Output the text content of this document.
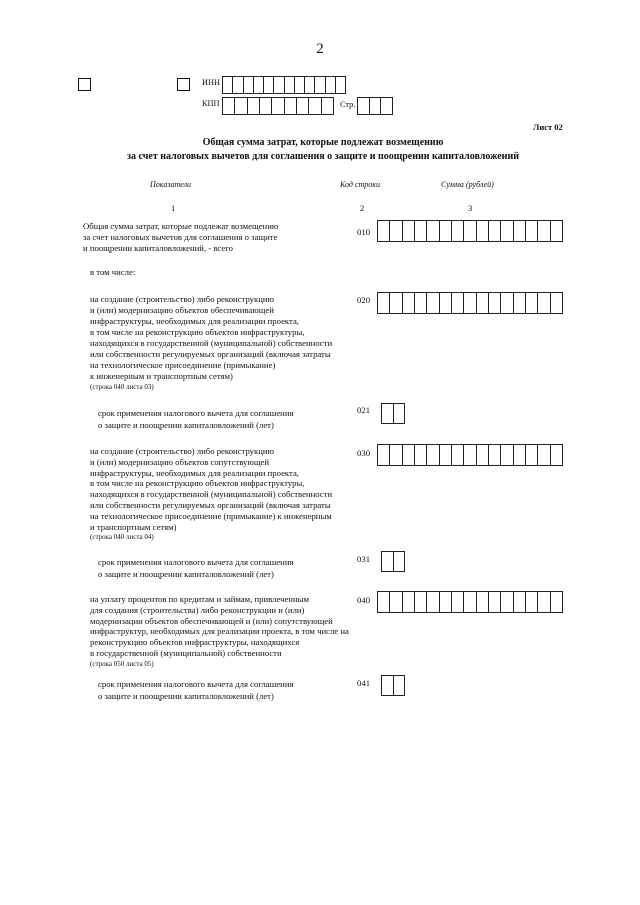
2
ИНН
КПП	Стр.
Лист 02
Общая сумма затрат, которые подлежат возмещению
за счет налоговых вычетов для соглашения о защите и поощрении капиталовложений
Показатели	Код строки	Сумма (рублей)
1	2	3
Общая сумма затрат, которые подлежат возмещению
за счет налоговых вычетов для соглашения о защите
и поощрении капиталовложений, - всего
010
в том числе:
на создание (строительство) либо реконструкцию
и (или) модернизацию объектов обеспечивающей
инфраструктуры, необходимых для реализации проекта,
в том числе на реконструкцию объектов инфраструктуры,
находящихся в государственной (муниципальной) собственности
или собственности регулируемых организаций (включая затраты
на технологическое присоединение (примыкание)
к инженерным и транспортным сетям)
(строка 040 листа 03)
020
срок применения налогового вычета для соглашения
о защите и поощрении капиталовложений (лет)
021
на создание (строительство) либо реконструкцию
и (или) модернизацию объектов сопутствующей
инфраструктуры, необходимых для реализации проекта,
в том числе на реконструкцию объектов инфраструктуры,
находящихся в государственной (муниципальной) собственности
или собственности регулируемых организаций (включая затраты
на технологическое присоединение (примыкание) к инженерным
и транспортным сетям)
(строка 040 листа 04)
030
срок применения налогового вычета для соглашения
о защите и поощрении капиталовложений (лет)
031
на уплату процентов по кредитам и займам, привлеченным
для создания (строительства) либо реконструкции и (или)
модернизации объектов обеспечивающей и (или) сопутствующей
инфраструктур, необходимых для реализации проекта, в том числе на
реконструкцию объектов инфраструктуры, находящихся
в государственной (муниципальной) собственности
(строка 050 листа 05)
040
срок применения налогового вычета для соглашения
о защите и поощрении капиталовложений (лет)
041
